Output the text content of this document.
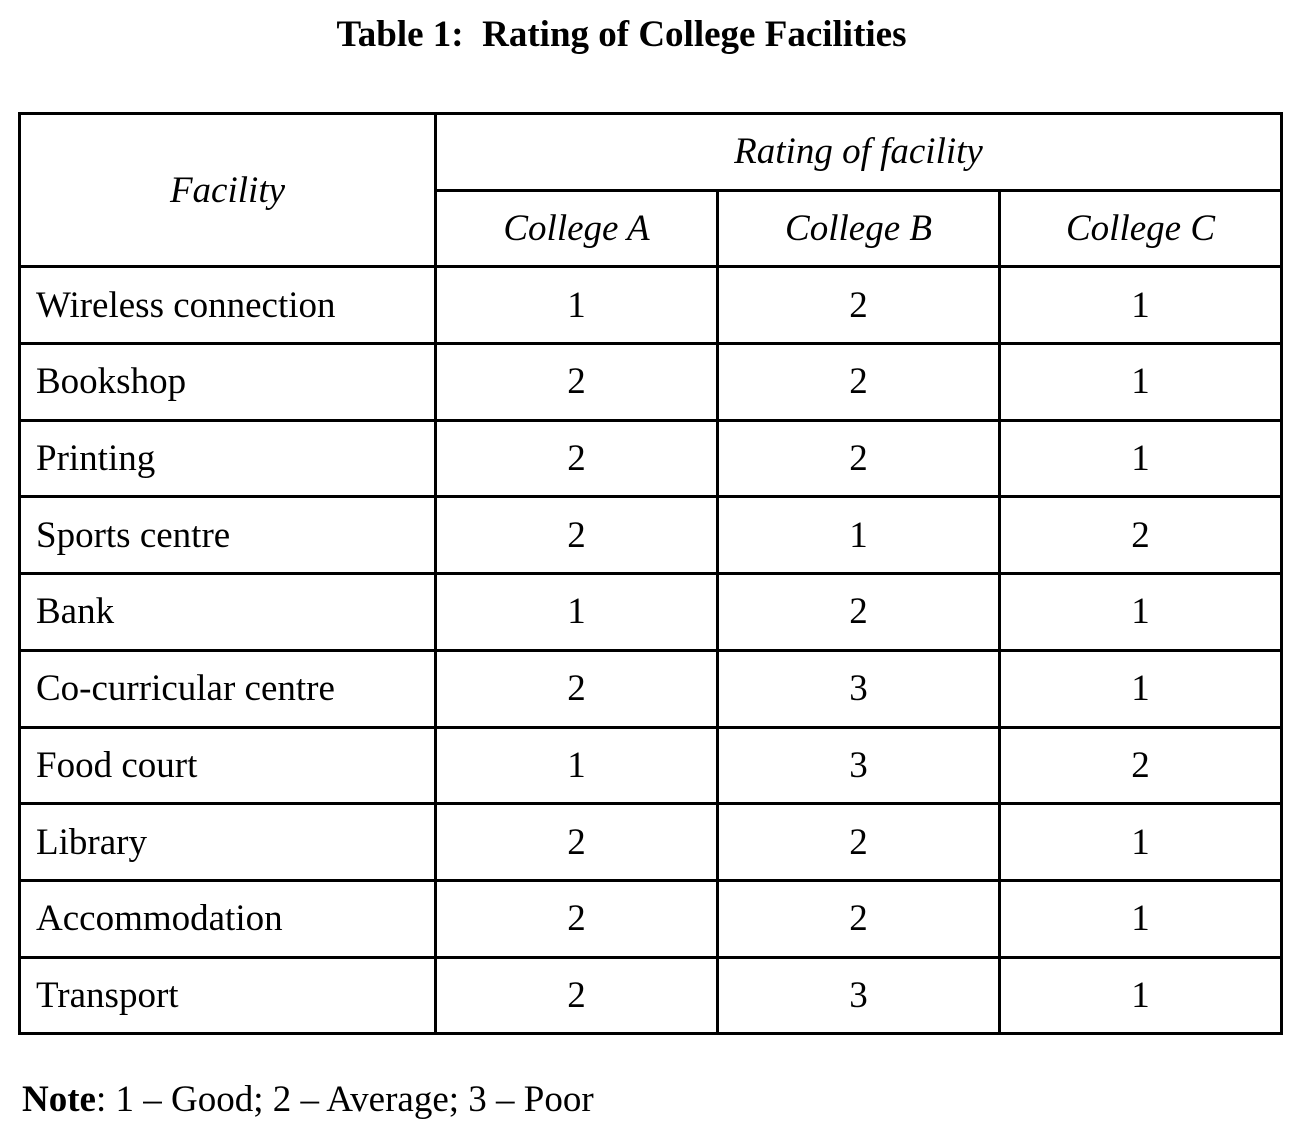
Table 1:  Rating of College Facilities
Facility	Rating of facility		
	College A	College B	College C
Wireless connection	1	2	1
Bookshop	2	2	1
Printing	2	2	1
Sports centre	2	1	2
Bank	1	2	1
Co-curricular centre	2	3	1
Food court	1	3	2
Library	2	2	1
Accommodation	2	2	1
Transport	2	3	1
Note: 1 – Good; 2 – Average; 3 – Poor
